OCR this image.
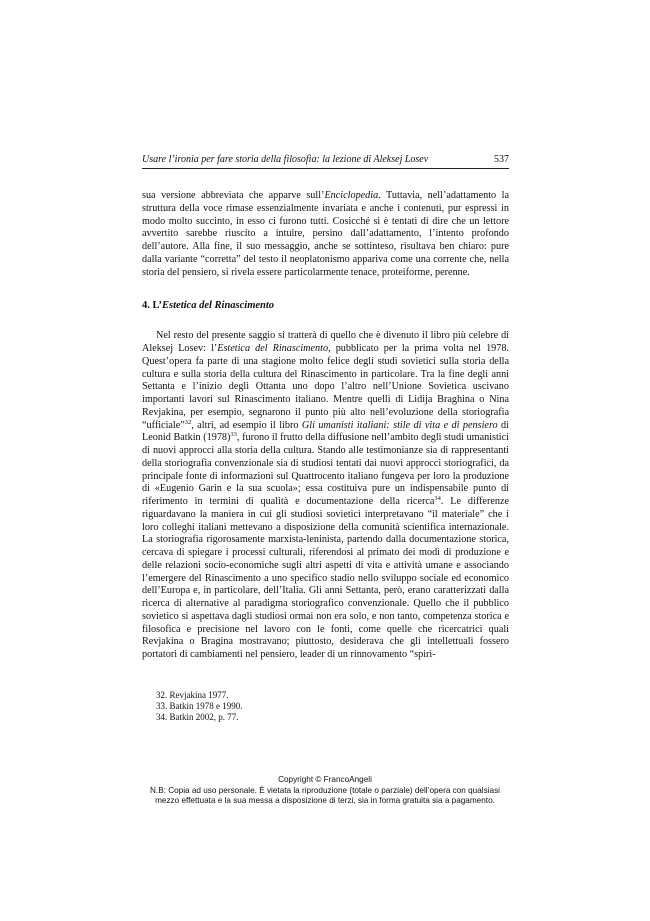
Usare l’ironia per fare storia della filosofia: la lezione di Aleksej Losev	537

sua versione abbreviata che apparve sull’Enciclopedia. Tuttavia, nell’adattamento la struttura della voce rimase essenzialmente invariata e anche i contenuti, pur espressi in modo molto succinto, in esso ci furono tutti. Cosicché si è tentati di dire che un lettore avvertito sarebbe riuscito a intuire, persino dall’adattamento, l’intento profondo dell’autore. Alla fine, il suo messaggio, anche se sottinteso, risultava ben chiaro: pure dalla variante “corretta” del testo il neoplatonismo appariva come una corrente che, nella storia del pensiero, si rivela essere particolarmente tenace, proteiforme, perenne.

4. L’Estetica del Rinascimento

Nel resto del presente saggio si tratterà di quello che è divenuto il libro più celebre di Aleksej Losev: l’Estetica del Rinascimento, pubblicato per la prima volta nel 1978. Quest’opera fa parte di una stagione molto felice degli studi sovietici sulla storia della cultura e sulla storia della cultura del Rinascimento in particolare. Tra la fine degli anni Settanta e l’inizio degli Ottanta uno dopo l’altro nell’Unione Sovietica uscivano importanti lavori sul Rinascimento italiano. Mentre quelli di Lidija Braghina o Nina Revjakina, per esempio, segnarono il punto più alto nell’evoluzione della storiografia “ufficiale”$^{32}$, altri, ad esempio il libro Gli umanisti italiani: stile di vita e di pensiero di Leonid Batkin $(1978)^{33}$, furono il frutto della diffusione nell’ambito degli studi umanistici di nuovi approcci alla storia della cultura. Stando alle testimonianze sia di rappresentanti della storiografia convenzionale sia di studiosi tentati dai nuovi approcci storiografici, da principale fonte di informazioni sul Quattrocento italiano fungeva per loro la produzione di «Eugenio Garin e la sua scuola»; essa costituiva pure un indispensabile punto di riferimento in termini di qualità e documentazione della ricerca$^{34}$. Le differenze riguardavano la maniera in cui gli studiosi sovietici interpretavano “il materiale” che i loro colleghi italiani mettevano a disposizione della comunità scientifica internazionale. La storiografia rigorosamente marxista-leninista, partendo dalla documentazione storica, cercava di spiegare i processi culturali, riferendosi al primato dei modi di produzione e delle relazioni socio-economiche sugli altri aspetti di vita e attività umane e associando l’emergere del Rinascimento a uno specifico stadio nello sviluppo sociale ed economico dell’Europa e, in particolare, dell’Italia. Gli anni Settanta, però, erano caratterizzati dalla ricerca di alternative al paradigma storiografico convenzionale. Quello che il pubblico sovietico si aspettava dagli studiosi ormai non era solo, e non tanto, competenza storica e filosofica e precisione nel lavoro con le fonti, come quelle che ricercatrici quali Revjakina o Bragina mostravano; piuttosto, desiderava che gli intellettuali fossero portatori di cambiamenti nel pensiero, leader di un rinnovamento “spiri-

32. Revjakina 1977.

33. Batkin 1978 e 1990.

34. Batkin 2002, p. 77.

Copyright © FrancoAngeli
N.B: Copia ad uso personale. È vietata la riproduzione (totale o parziale) dell’opera con qualsiasi
mezzo effettuata e la sua messa a disposizione di terzi, sia in forma gratuita sia a pagamento.
